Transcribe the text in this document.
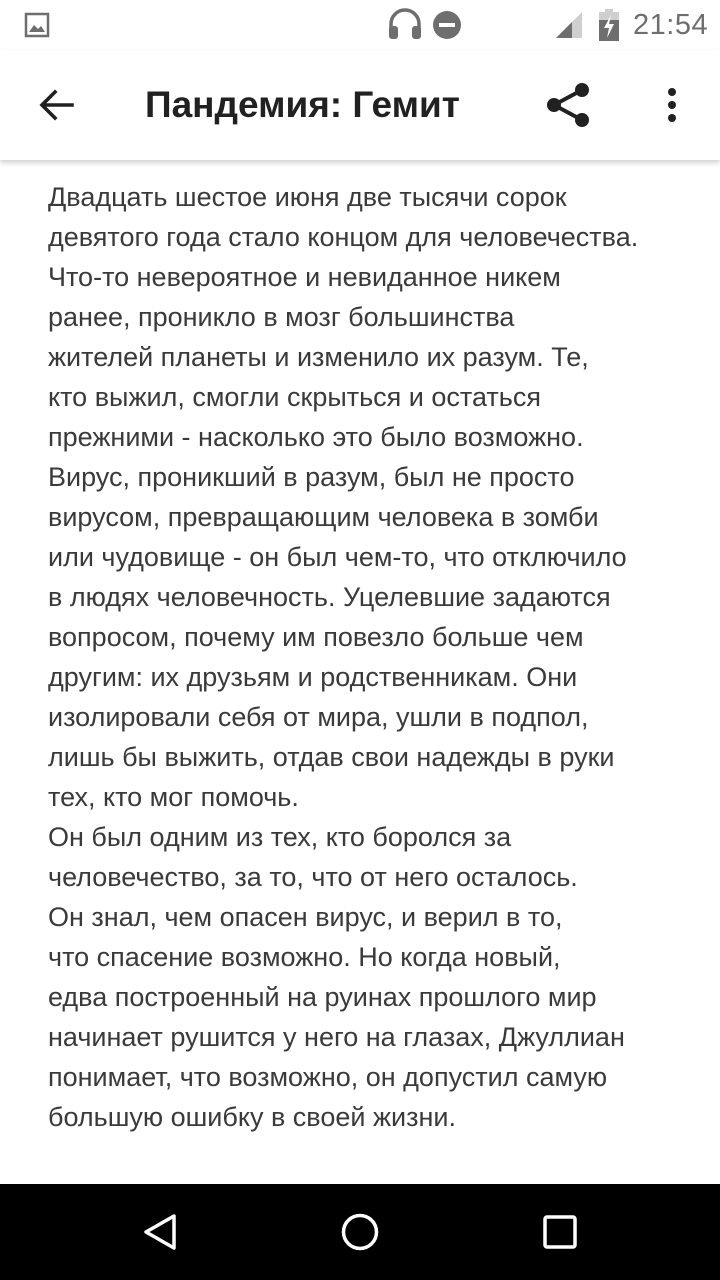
21:54
Пандемия: Гемит
Двадцать шестое июня две тысячи сорок
девятого года стало концом для человечества.
Что-то невероятное и невиданное никем
ранее, проникло в мозг большинства
жителей планеты и изменило их разум. Те,
кто выжил, смогли скрыться и остаться
прежними - насколько это было возможно.
Вирус, проникший в разум, был не просто
вирусом, превращающим человека в зомби
или чудовище - он был чем-то, что отключило
в людях человечность. Уцелевшие задаются
вопросом, почему им повезло больше чем
другим: их друзьям и родственникам. Они
изолировали себя от мира, ушли в подпол,
лишь бы выжить, отдав свои надежды в руки
тех, кто мог помочь.
Он был одним из тех, кто боролся за
человечество, за то, что от него осталось.
Он знал, чем опасен вирус, и верил в то,
что спасение возможно. Но когда новый,
едва построенный на руинах прошлого мир
начинает рушится у него на глазах, Джуллиан
понимает, что возможно, он допустил самую
большую ошибку в своей жизни.
